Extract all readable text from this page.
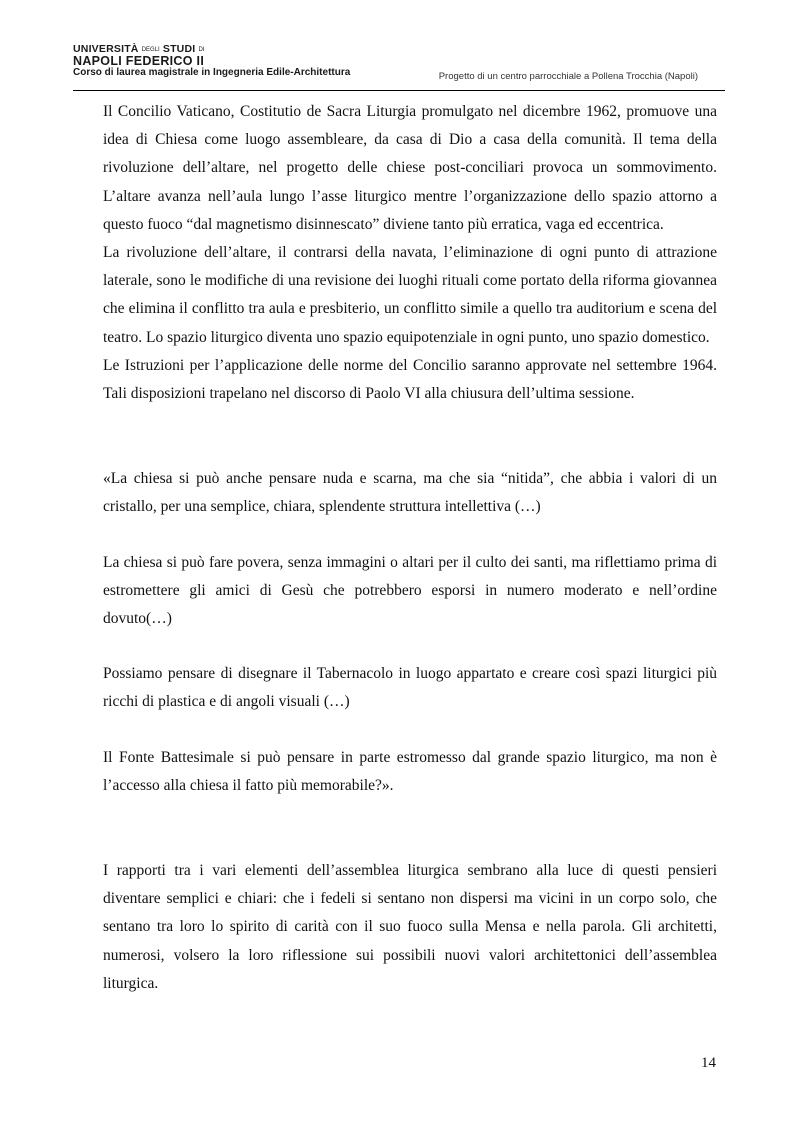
UNIVERSITÀ DEGLI STUDI DI
NAPOLI FEDERICO II
Corso di laurea magistrale in Ingegneria Edile-Architettura	Progetto di un centro parrocchiale a Pollena Trocchia (Napoli)

Il Concilio Vaticano, Costitutio de Sacra Liturgia promulgato nel dicembre 1962, promuove una idea di Chiesa come luogo assembleare, da casa di Dio a casa della comunità. Il tema della rivoluzione dell’altare, nel progetto delle chiese post-conciliari provoca un sommovimento. L’altare avanza nell’aula lungo l’asse liturgico mentre l’organizzazione dello spazio attorno a questo fuoco “dal magnetismo disinnescato” diviene tanto più erratica, vaga ed eccentrica.

La rivoluzione dell’altare, il contrarsi della navata, l’eliminazione di ogni punto di attrazione laterale, sono le modifiche di una revisione dei luoghi rituali come portato della riforma giovannea che elimina il conflitto tra aula e presbiterio, un conflitto simile a quello tra auditorium e scena del teatro. Lo spazio liturgico diventa uno spazio equipotenziale in ogni punto, uno spazio domestico.

Le Istruzioni per l’applicazione delle norme del Concilio saranno approvate nel settembre 1964. Tali disposizioni trapelano nel discorso di Paolo VI alla chiusura dell’ultima sessione.

«La chiesa si può anche pensare nuda e scarna, ma che sia “nitida”, che abbia i valori di un cristallo, per una semplice, chiara, splendente struttura intellettiva (…)

La chiesa si può fare povera, senza immagini o altari per il culto dei santi, ma riflettiamo prima di estromettere gli amici di Gesù che potrebbero esporsi in numero moderato e nell’ordine dovuto(…)

Possiamo pensare di disegnare il Tabernacolo in luogo appartato e creare così spazi liturgici più ricchi di plastica e di angoli visuali (…)

Il Fonte Battesimale si può pensare in parte estromesso dal grande spazio liturgico, ma non è l’accesso alla chiesa il fatto più memorabile?».

I rapporti tra i vari elementi dell’assemblea liturgica sembrano alla luce di questi pensieri diventare semplici e chiari: che i fedeli si sentano non dispersi ma vicini in un corpo solo, che sentano tra loro lo spirito di carità con il suo fuoco sulla Mensa e nella parola. Gli architetti, numerosi, volsero la loro riflessione sui possibili nuovi valori architettonici dell’assemblea liturgica.

14
